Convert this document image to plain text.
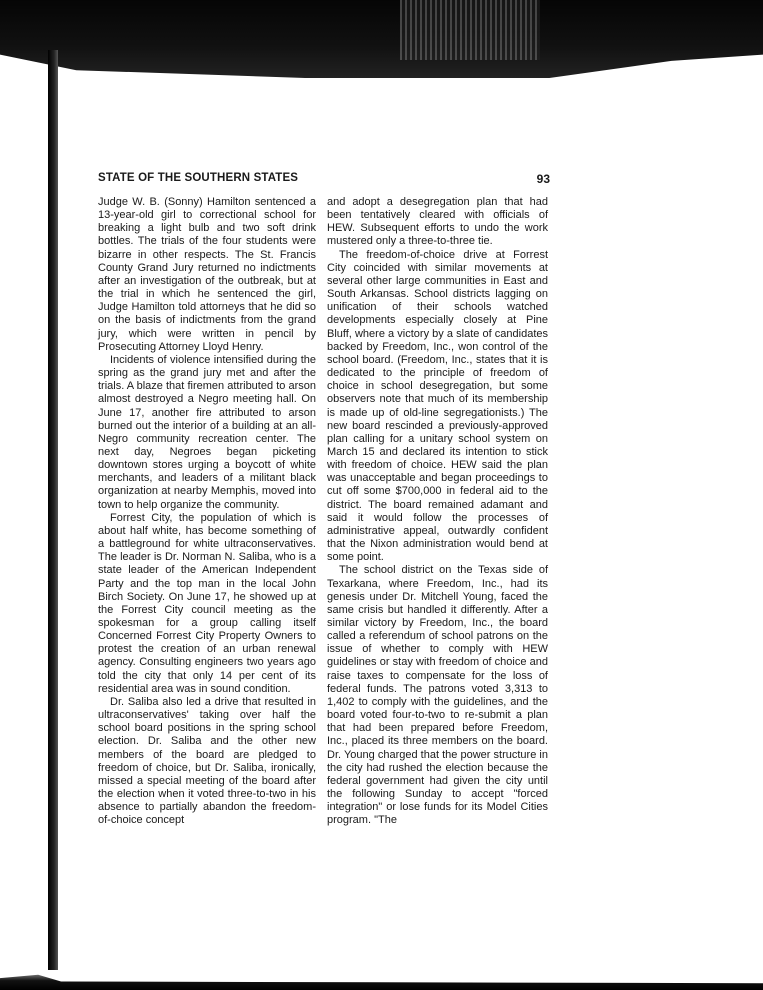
STATE OF THE SOUTHERN STATES	93

Judge W. B. (Sonny) Hamilton sentenced a 13-year-old girl to correctional school for breaking a light bulb and two soft drink bottles. The trials of the four students were bizarre in other respects. The St. Francis County Grand Jury returned no indictments after an investigation of the outbreak, but at the trial in which he sentenced the girl, Judge Hamilton told attorneys that he did so on the basis of indictments from the grand jury, which were written in pencil by Prosecuting Attorney Lloyd Henry.

Incidents of violence intensified during the spring as the grand jury met and after the trials. A blaze that firemen attributed to arson almost destroyed a Negro meeting hall. On June 17, another fire attributed to arson burned out the interior of a building at an all-Negro community recreation center. The next day, Negroes began picketing downtown stores urging a boycott of white merchants, and leaders of a militant black organization at nearby Memphis, moved into town to help organize the community.

Forrest City, the population of which is about half white, has become something of a battleground for white ultraconservatives. The leader is Dr. Norman N. Saliba, who is a state leader of the American Independent Party and the top man in the local John Birch Society. On June 17, he showed up at the Forrest City council meeting as the spokesman for a group calling itself Concerned Forrest City Property Owners to protest the creation of an urban renewal agency. Consulting engineers two years ago told the city that only 14 per cent of its residential area was in sound condition.

Dr. Saliba also led a drive that resulted in ultraconservatives' taking over half the school board positions in the spring school election. Dr. Saliba and the other new members of the board are pledged to freedom of choice, but Dr. Saliba, ironically, missed a special meeting of the board after the election when it voted three-to-two in his absence to partially abandon the freedom-of-choice concept

and adopt a desegregation plan that had been tentatively cleared with officials of HEW. Subsequent efforts to undo the work mustered only a three-to-three tie.

The freedom-of-choice drive at Forrest City coincided with similar movements at several other large communities in East and South Arkansas. School districts lagging on unification of their schools watched developments especially closely at Pine Bluff, where a victory by a slate of candidates backed by Freedom, Inc., won control of the school board. (Freedom, Inc., states that it is dedicated to the principle of freedom of choice in school desegregation, but some observers note that much of its membership is made up of old-line segregationists.) The new board rescinded a previously-approved plan calling for a unitary school system on March 15 and declared its intention to stick with freedom of choice. HEW said the plan was unacceptable and began proceedings to cut off some $700,000 in federal aid to the district. The board remained adamant and said it would follow the processes of administrative appeal, outwardly confident that the Nixon administration would bend at some point.

The school district on the Texas side of Texarkana, where Freedom, Inc., had its genesis under Dr. Mitchell Young, faced the same crisis but handled it differently. After a similar victory by Freedom, Inc., the board called a referendum of school patrons on the issue of whether to comply with HEW guidelines or stay with freedom of choice and raise taxes to compensate for the loss of federal funds. The patrons voted 3,313 to 1,402 to comply with the guidelines, and the board voted four-to-two to re-submit a plan that had been prepared before Freedom, Inc., placed its three members on the board. Dr. Young charged that the power structure in the city had rushed the election because the federal government had given the city until the following Sunday to accept "forced integration" or lose funds for its Model Cities program. "The
